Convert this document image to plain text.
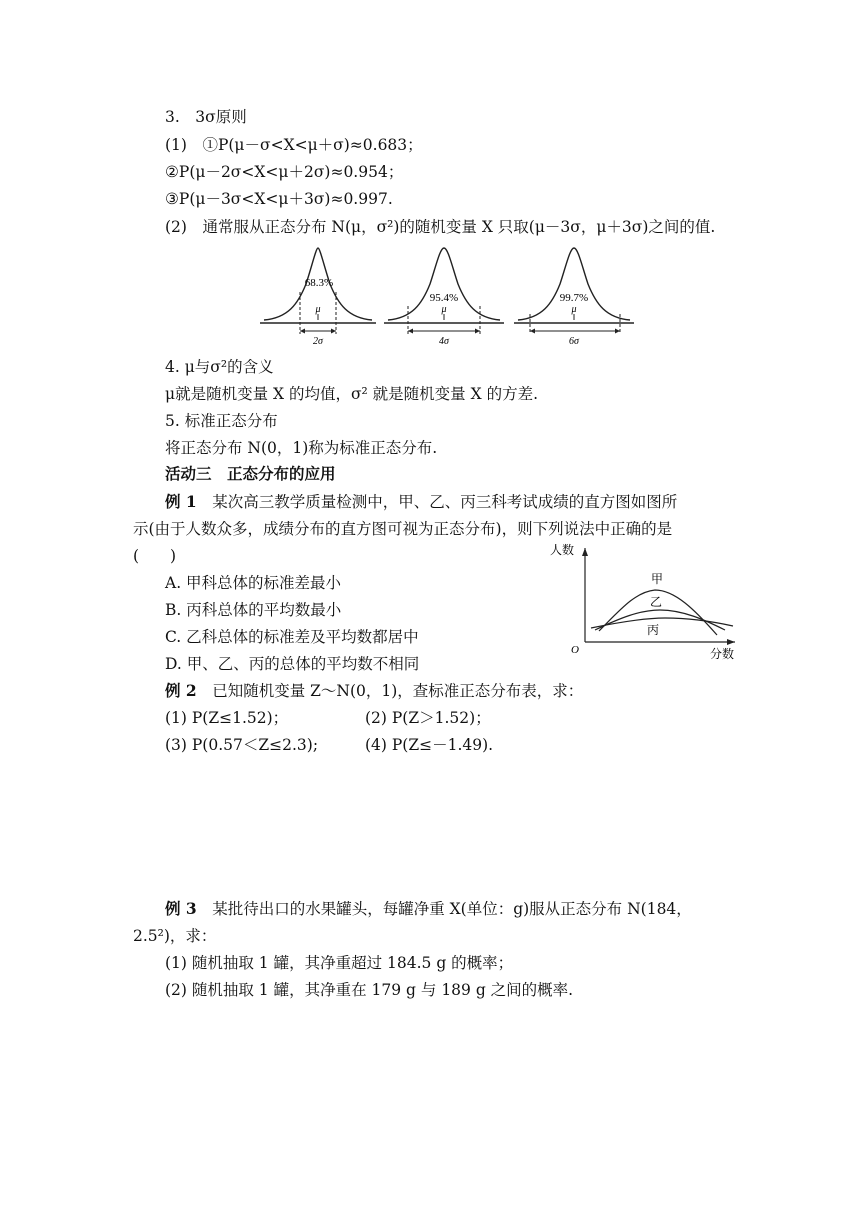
3.　3σ原则
(1)　①P(μ－σ<X<μ＋σ)≈0.683；
②P(μ－2σ<X<μ＋2σ)≈0.954；
③P(μ－3σ<X<μ＋3σ)≈0.997.
(2)　通常服从正态分布 N(μ，σ²)的随机变量 X 只取(μ－3σ，μ＋3σ)之间的值.
68.3%
μ
2σ
95.4%
μ
4σ
99.7%
μ
6σ
4. μ与σ²的含义
μ就是随机变量 X 的均值，σ² 就是随机变量 X 的方差.
5. 标准正态分布
将正态分布 N(0，1)称为标准正态分布.
活动三　正态分布的应用
例 1　某次高三教学质量检测中，甲、乙、丙三科考试成绩的直方图如图所
示(由于人数众多，成绩分布的直方图可视为正态分布)，则下列说法中正确的是
(　　)
A. 甲科总体的标准差最小
B. 丙科总体的平均数最小
C. 乙科总体的标准差及平均数都居中
D. 甲、乙、丙的总体的平均数不相同
人数
分数
O
甲
乙
丙
例 2　已知随机变量 Z～N(0，1)，查标准正态分布表，求：
(1) P(Z≤1.52)；	(2) P(Z＞1.52)；
(3) P(0.57＜Z≤2.3);	(4) P(Z≤－1.49).
例 3　某批待出口的水果罐头，每罐净重 X(单位：g)服从正态分布 N(184，
2.5²)，求：
(1) 随机抽取 1 罐，其净重超过 184.5 g 的概率；
(2) 随机抽取 1 罐，其净重在 179 g 与 189 g 之间的概率.
